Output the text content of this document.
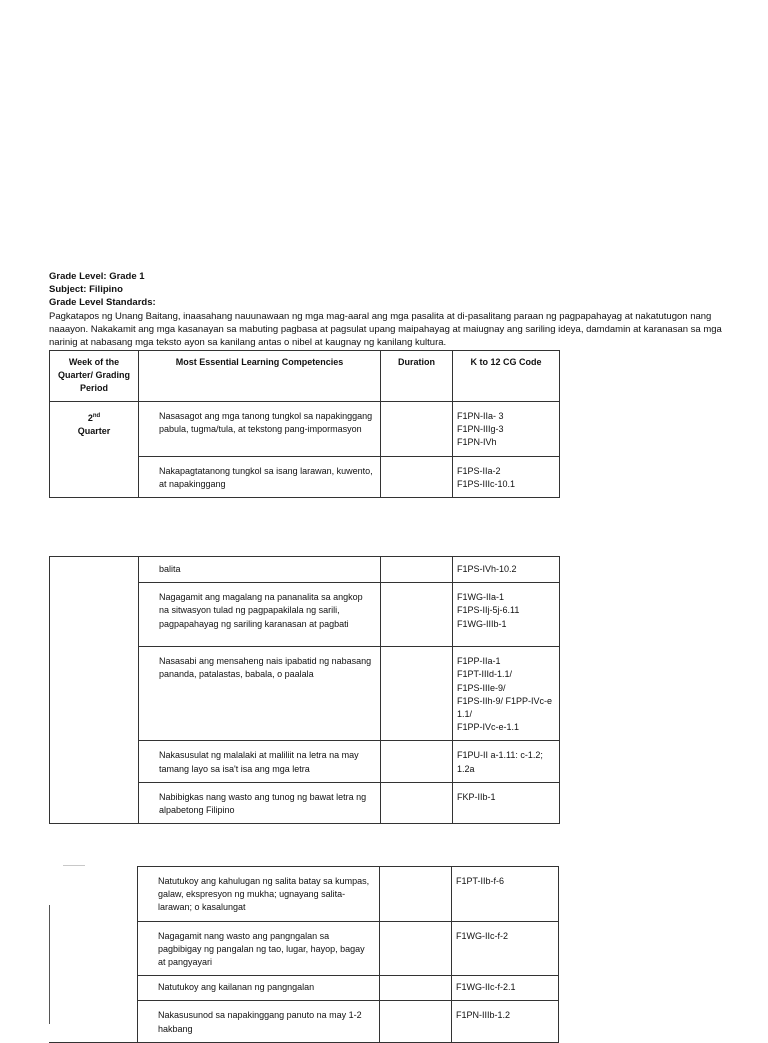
Grade Level: Grade 1
Subject: Filipino
Grade Level Standards:

Pagkatapos ng Unang Baitang, inaasahang nauunawaan ng mga mag-aaral ang mga pasalita at di-pasalitang paraan ng pagpapahayag at nakatutugon nang naaayon. Nakakamit ang mga kasanayan sa mabuting pagbasa at pagsulat upang maipahayag at maiugnay ang sariling ideya, damdamin at karanasan sa mga narinig at nabasang mga teksto ayon sa kanilang antas o nibel at kaugnay ng kanilang kultura.

Week of the Quarter/ Grading Period	Most Essential Learning Competencies	Duration	K to 12 CG Code

2nd
Quarter	Nasasagot ang mga tanong tungkol sa napakinggang pabula, tugma/tula, at tekstong pang-impormasyon		F1PN-IIa- 3
F1PN-IIIg-3
F1PN-IVh

	Nakapagtatanong tungkol sa isang larawan, kuwento, at napakinggang		F1PS-IIa-2
F1PS-IIIc-10.1

	balita		F1PS-IVh-10.2

	Nagagamit ang magalang na pananalita sa angkop na sitwasyon tulad ng pagpapakilala ng sarili, pagpapahayag ng sariling karanasan at pagbati		F1WG-IIa-1
F1PS-IIj-5j-6.11
F1WG-IIIb-1

	Nasasabi ang mensaheng nais ipabatid ng nabasang pananda, patalastas, babala, o paalala		F1PP-IIa-1
F1PT-IIId-1.1/
F1PS-IIIe-9/
F1PS-IIh-9/ F1PP-IVc-e 1.1/
F1PP-IVc-e-1.1

	Nakasusulat ng malalaki at maliliit na letra na may tamang layo sa isa't isa ang mga letra		F1PU-II a-1.11: c-1.2; 1.2a

	Nabibigkas nang wasto ang tunog ng bawat letra ng alpabetong Filipino		FKP-IIb-1

	Natutukoy ang kahulugan ng salita batay sa kumpas, galaw, ekspresyon ng mukha; ugnayang salita-larawan; o kasalungat		F1PT-IIb-f-6

	Nagagamit nang wasto ang pangngalan sa pagbibigay ng pangalan ng tao, lugar, hayop, bagay at pangyayari		F1WG-IIc-f-2

	Natutukoy ang kailanan ng pangngalan		F1WG-IIc-f-2.1

	Nakasusunod sa napakinggang panuto na may 1-2 hakbang		F1PN-IIIb-1.2
